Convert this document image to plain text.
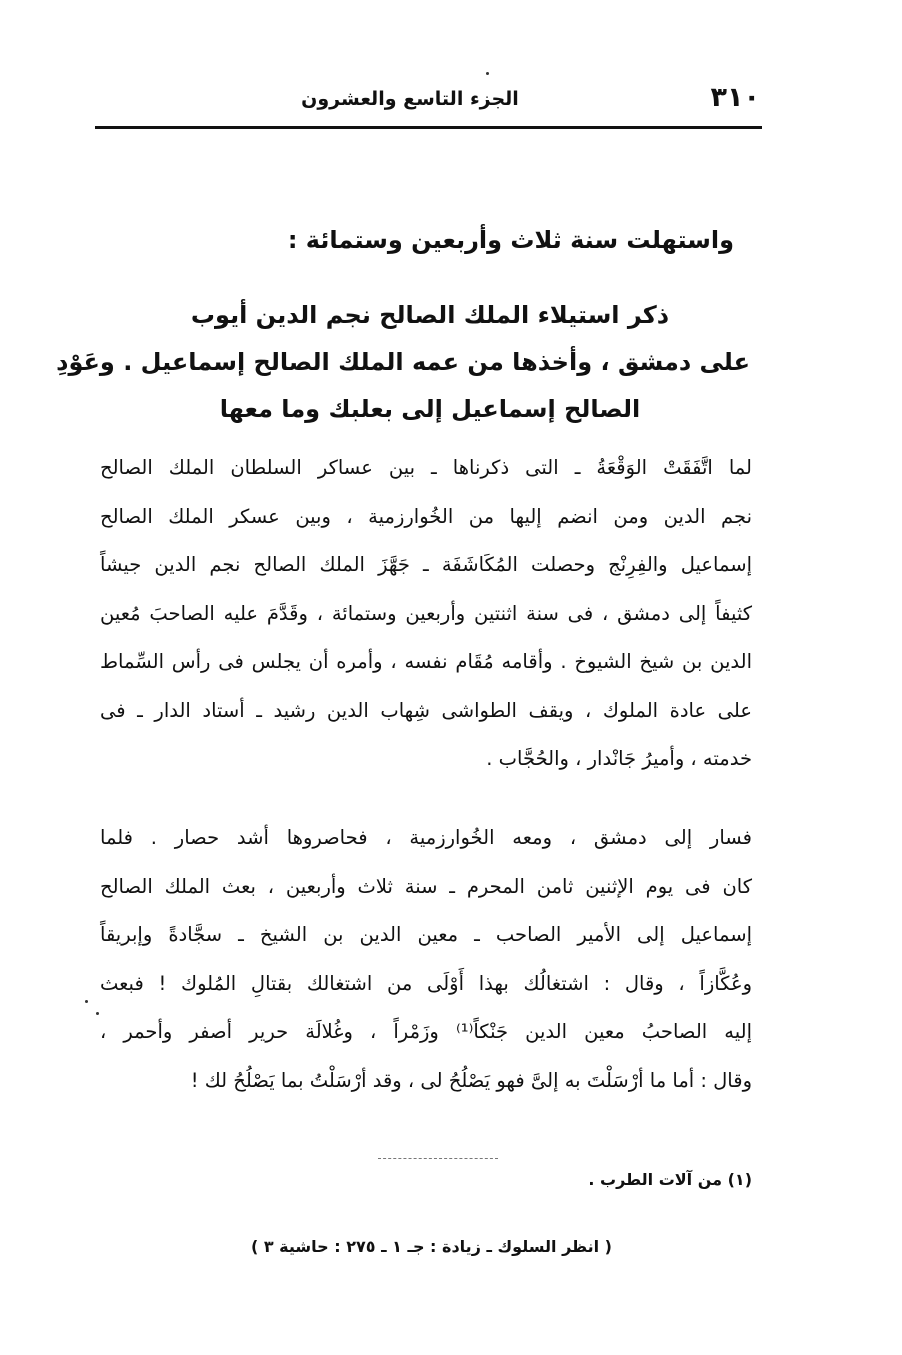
٣١٠
الجزء التاسع والعشرون
واستهلت سنة ثلاث وأربعين وستمائة :
ذكر استيلاء الملك الصالح نجم الدين أيوب
على دمشق ، وأخذها من عمه الملك الصالح إسماعيل . وعَوْدِ
الصالح إسماعيل إلى بعلبك وما معها
لما اتَّفَقَتْ الوَقْعَةُ ـ التى ذكرناها ـ بين عساكر السلطان الملك الصالح
نجم الدين ومن انضم إليها من الخُوارزمية ، وبين عسكر الملك الصالح
إسماعيل والفِرِنْج وحصلت المُكَاشَفَة ـ جَهَّزَ الملك الصالح نجم الدين جيشاً
كثيفاً إلى دمشق ، فى سنة اثنتين وأربعين وستمائة ، وقَدَّمَ عليه الصاحبَ مُعين
الدين بن شيخ الشيوخ . وأقامه مُقَام نفسه ، وأمره أن يجلس فى رأس السِّماط
على عادة الملوك ، ويقف الطواشى شِهاب الدين رشيد ـ أستاد الدار ـ فى
خدمته ، وأميرُ جَانْدار ، والحُجَّاب .
فسار إلى دمشق ، ومعه الخُوارزمية ، فحاصروها أشد حصار . فلما
كان فى يوم الإثنين ثامن المحرم ـ سنة ثلاث وأربعين ، بعث الملك الصالح
إسماعيل إلى الأمير الصاحب ـ معين الدين بن الشيخ ـ سجَّادةً وإبريقاً
وعُكَّازاً ، وقال : اشتغالُك بهذا أَوْلَى من اشتغالك بقتالِ المُلوك ! فبعث
إليه الصاحبُ معين الدين جَنْكاً⁽¹⁾ وزَمْراً ، وغُلالَة حرير أصفر وأحمر ،
وقال : أما ما أرْسَلْتَ به إلىَّ فهو يَصْلُحُ لى ، وقد أرْسَلْتُ بما يَصْلُحُ لك !
(١) من آلات الطرب .
( انظر السلوك ـ زيادة : جـ ١ ـ ٢٧٥ : حاشية ٣ )
